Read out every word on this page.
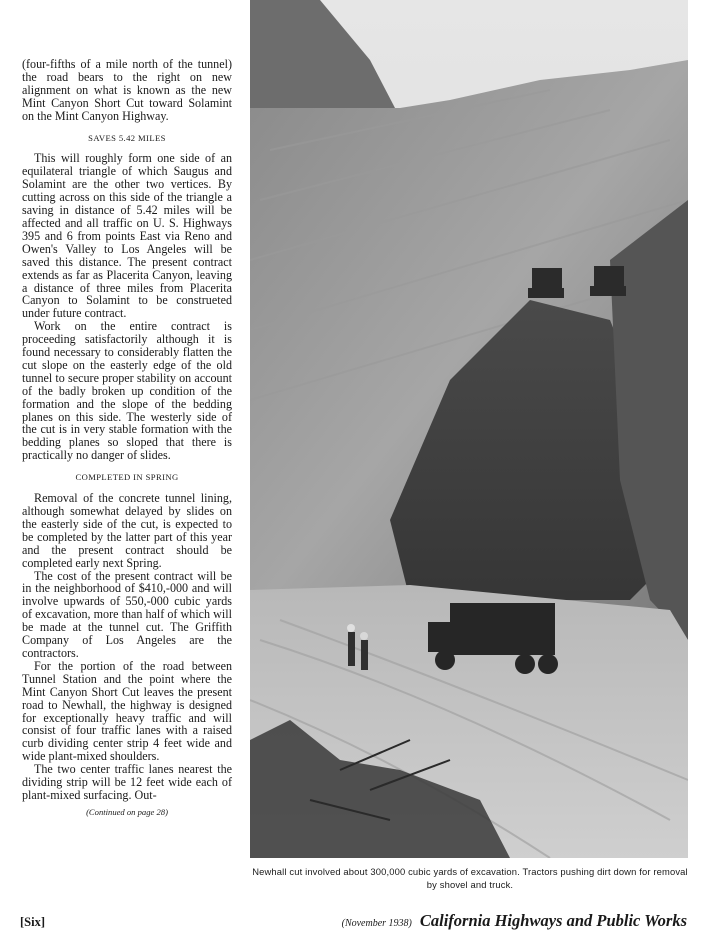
(four-fifths of a mile north of the tunnel) the road bears to the right on new alignment on what is known as the new Mint Canyon Short Cut toward Solamint on the Mint Canyon Highway.

SAVES 5.42 MILES

This will roughly form one side of an equilateral triangle of which Saugus and Solamint are the other two vertices. By cutting across on this side of the triangle a saving in distance of 5.42 miles will be affected and all traffic on U. S. Highways 395 and 6 from points East via Reno and Owen's Valley to Los Angeles will be saved this distance. The present contract extends as far as Placerita Canyon, leaving a distance of three miles from Placerita Canyon to Solamint to be construeted under future contract.

Work on the entire contract is proceeding satisfactorily although it is found necessary to considerably flatten the cut slope on the easterly edge of the old tunnel to secure proper stability on account of the badly broken up condition of the formation and the slope of the bedding planes on this side. The westerly side of the cut is in very stable formation with the bedding planes so sloped that there is practically no danger of slides.

COMPLETED IN SPRING

Removal of the concrete tunnel lining, although somewhat delayed by slides on the easterly side of the cut, is expected to be completed by the latter part of this year and the present contract should be completed early next Spring.

The cost of the present contract will be in the neighborhood of $410,-000 and will involve upwards of 550,-000 cubic yards of excavation, more than half of which will be made at the tunnel cut. The Griffith Company of Los Angeles are the contractors.

For the portion of the road between Tunnel Station and the point where the Mint Canyon Short Cut leaves the present road to Newhall, the highway is designed for exceptionally heavy traffic and will consist of four traffic lanes with a raised curb dividing center strip 4 feet wide and wide plant-mixed shoulders.

The two center traffic lanes nearest the dividing strip will be 12 feet wide each of plant-mixed surfacing. Out-

(Continued on page 28)
Newhall cut involved about 300,000 cubic yards of excavation. Tractors pushing dirt down for removal by shovel and truck.
[Six]	(November 1938) California Highways and Public Works
